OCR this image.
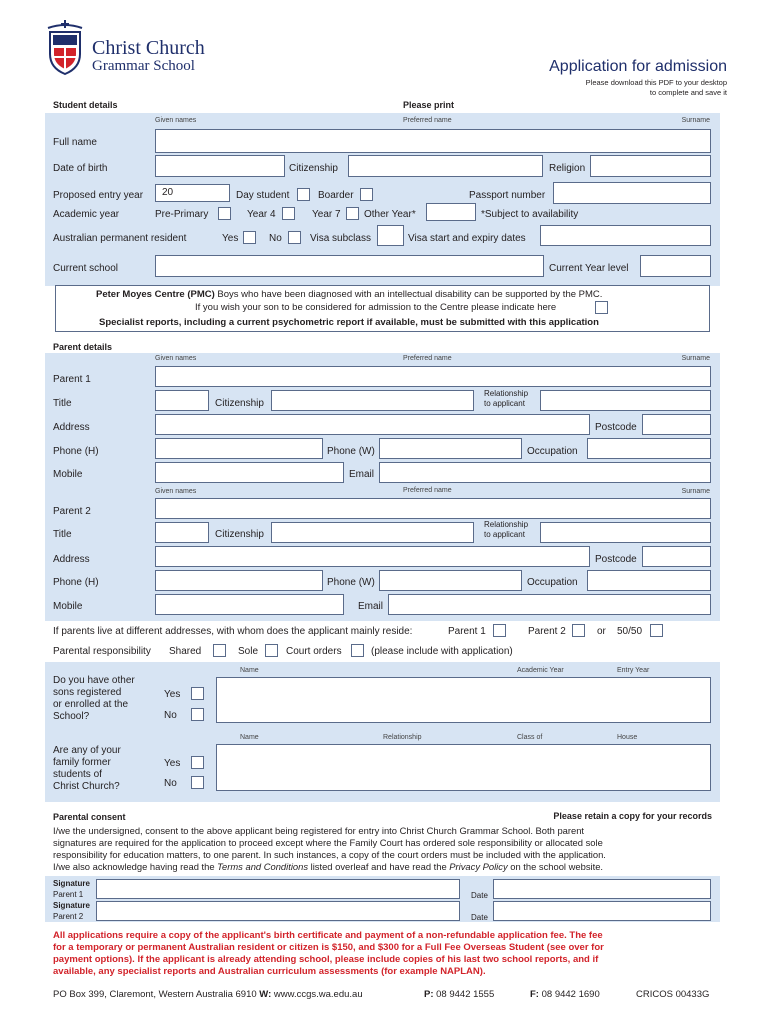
Christ Church
Grammar School	Application for admission
Please download this PDF to your desktop
to complete and save it
Student details	Please print
Given names	Preferred name	Surname
Full name
Date of birth	Citizenship	Religion
Proposed entry year 20	Day student	Boarder	Passport number
Academic year	Pre-Primary	Year 4	Year 7 Other Year*	*Subject to availability
Australian permanent resident	Yes	No	Visa subclass	Visa start and expiry dates
Current school	Current Year level
Peter Moyes Centre (PMC) Boys who have been diagnosed with an intellectual disability can be supported by the PMC.
If you wish your son to be considered for admission to the Centre please indicate here
Specialist reports, including a current psychometric report if available, must be submitted with this application
Parent details
Given names	Preferred name	Surname
Parent 1
Title	Citizenship
Relationship
to applicant
Address	Postcode
Phone (H)	Phone (W)	Occupation
Mobile	Email
Given names	Preferred name	Surname
Parent 2
Title	Citizenship
Relationship
to applicant
Address	Postcode
Phone (H)	Phone (W)	Occupation
Mobile	Email
If parents live at different addresses, with whom does the applicant mainly reside:	Parent 1	Parent 2	or 50/50
Parental responsibility Shared	Sole	Court orders	(please include with application)
Name	Academic Year	Entry Year
Do you have other
sons registered
or enrolled at the
School?
Yes
No
Name	Relationship	Class of	House
Are any of your
family former
students of
Christ Church?
Yes
No
Parental consent	Please retain a copy for your records
I/we the undersigned, consent to the above applicant being registered for entry into Christ Church Grammar School. Both parent
signatures are required for the application to proceed except where the Family Court has ordered sole responsibility or allocated sole
responsibility for education matters, to one parent. In such instances, a copy of the court orders must be included with the application.
I/we also acknowledge having read the Terms and Conditions listed overleaf and have read the Privacy Policy on the school website.
Signature
Parent 1	Date
Signature
Parent 2	Date
All applications require a copy of the applicant's birth certificate and payment of a non-refundable application fee. The fee
for a temporary or permanent Australian resident or citizen is $150, and $300 for a Full Fee Overseas Student (see over for
payment options). If the applicant is already attending school, please include copies of his last two school reports, and if
available, any specialist reports and Australian curriculum assessments (for example NAPLAN).
PO Box 399, Claremont, Western Australia 6910 W: www.ccgs.wa.edu.au	P: 08 9442 1555	F: 08 9442 1690	CRICOS 00433G
